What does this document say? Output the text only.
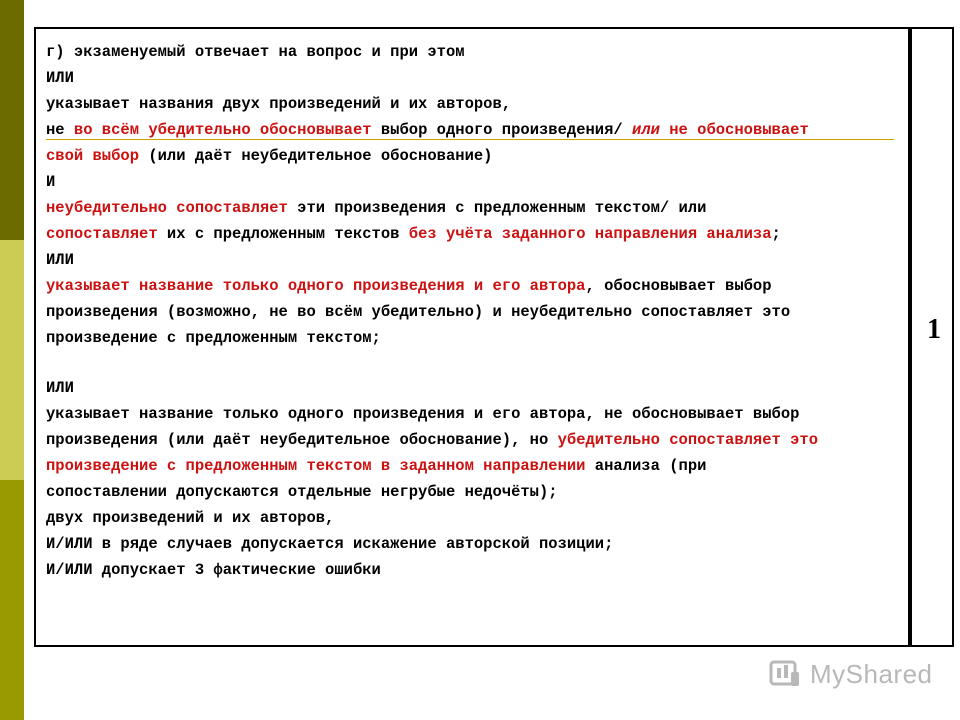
г) экзаменуемый отвечает на вопрос и при этом
ИЛИ
указывает названия двух произведений и их авторов,
не во всём убедительно обосновывает выбор одного произведения/ или не обосновывает
свой выбор (или даёт неубедительное обоснование)
И
неубедительно сопоставляет эти произведения с предложенным текстом/ или
сопоставляет их с предложенным текстов без учёта заданного направления анализа;
ИЛИ
указывает название только одного произведения и его автора, обосновывает выбор
произведения (возможно, не во всём убедительно) и неубедительно сопоставляет это
произведение с предложенным текстом;
ИЛИ
указывает название только одного произведения и его автора, не обосновывает выбор
произведения (или даёт неубедительное обоснование), но убедительно сопоставляет это
произведение с предложенным текстом в заданном направлении анализа (при
сопоставлении допускаются отдельные негрубые недочёты);
двух произведений и их авторов,
И/ИЛИ в ряде случаев допускается искажение авторской позиции;
И/ИЛИ допускает 3 фактические ошибки
1
MyShared
